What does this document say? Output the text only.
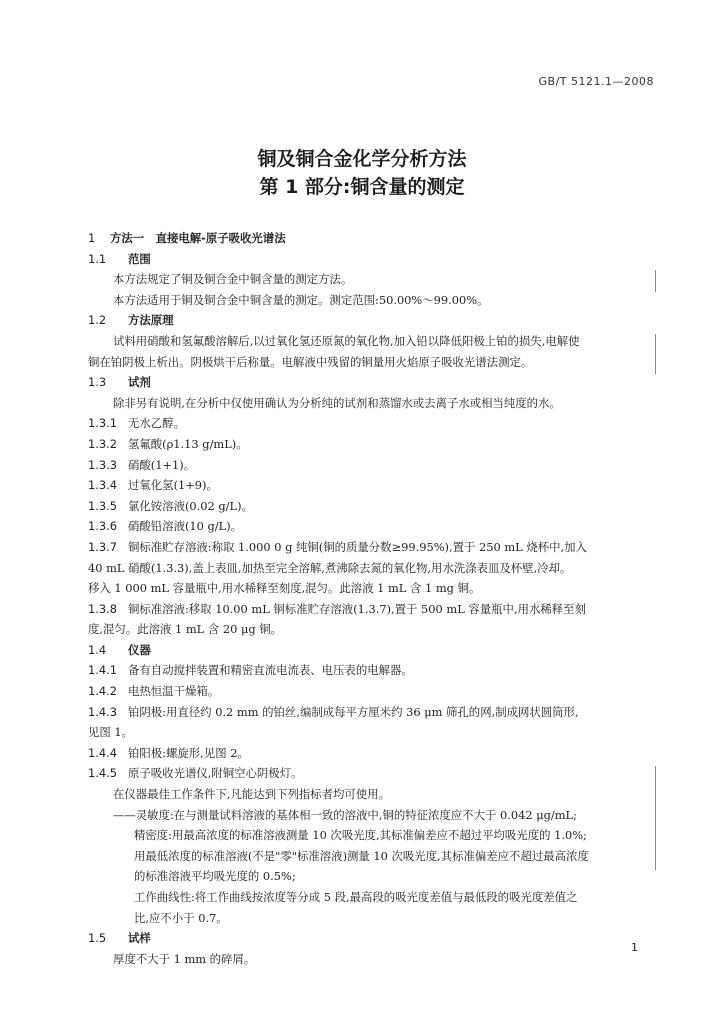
GB/T 5121.1—2008
铜及铜合金化学分析方法
第 1 部分:铜含量的测定
1 方法一　直接电解-原子吸收光谱法
1.1 范围
本方法规定了铜及铜合金中铜含量的测定方法。
本方法适用于铜及铜合金中铜含量的测定。测定范围:50.00%～99.00%。
1.2 方法原理
试料用硝酸和氢氟酸溶解后,以过氧化氢还原氮的氧化物,加入铅以降低阳极上铂的损失,电解使
铜在铂阴极上析出。阴极烘干后称量。电解液中残留的铜量用火焰原子吸收光谱法测定。
1.3 试剂
除非另有说明,在分析中仅使用确认为分析纯的试剂和蒸馏水或去离子水或相当纯度的水。
1.3.1 无水乙醇。
1.3.2 氢氟酸(ρ1.13 g/mL)。
1.3.3 硝酸(1+1)。
1.3.4 过氧化氢(1+9)。
1.3.5 氯化铵溶液(0.02 g/L)。
1.3.6 硝酸铅溶液(10 g/L)。
1.3.7 铜标准贮存溶液:称取 1.000 0 g 纯铜(铜的质量分数≥99.95%),置于 250 mL 烧杯中,加入
40 mL 硝酸(1.3.3),盖上表皿,加热至完全溶解,煮沸除去氮的氧化物,用水洗涤表皿及杯壁,冷却。
移入 1 000 mL 容量瓶中,用水稀释至刻度,混匀。此溶液 1 mL 含 1 mg 铜。
1.3.8 铜标准溶液:移取 10.00 mL 铜标准贮存溶液(1.3.7),置于 500 mL 容量瓶中,用水稀释至刻
度,混匀。此溶液 1 mL 含 20 μg 铜。
1.4 仪器
1.4.1 备有自动搅拌装置和精密直流电流表、电压表的电解器。
1.4.2 电热恒温干燥箱。
1.4.3 铂阴极:用直径约 0.2 mm 的铂丝,编制成每平方厘米约 36 μm 筛孔的网,制成网状圆筒形,
见图 1。
1.4.4 铂阳极:螺旋形,见图 2。
1.4.5 原子吸收光谱仪,附铜空心阴极灯。
在仪器最佳工作条件下,凡能达到下列指标者均可使用。
——灵敏度:在与测量试料溶液的基体相一致的溶液中,铜的特征浓度应不大于 0.042 μg/mL;
精密度:用最高浓度的标准溶液测量 10 次吸光度,其标准偏差应不超过平均吸光度的 1.0%;
用最低浓度的标准溶液(不是"零"标准溶液)测量 10 次吸光度,其标准偏差应不超过最高浓度
的标准溶液平均吸光度的 0.5%;
工作曲线性:将工作曲线按浓度等分成 5 段,最高段的吸光度差值与最低段的吸光度差值之
比,应不小于 0.7。
1.5 试样
厚度不大于 1 mm 的碎屑。
1
